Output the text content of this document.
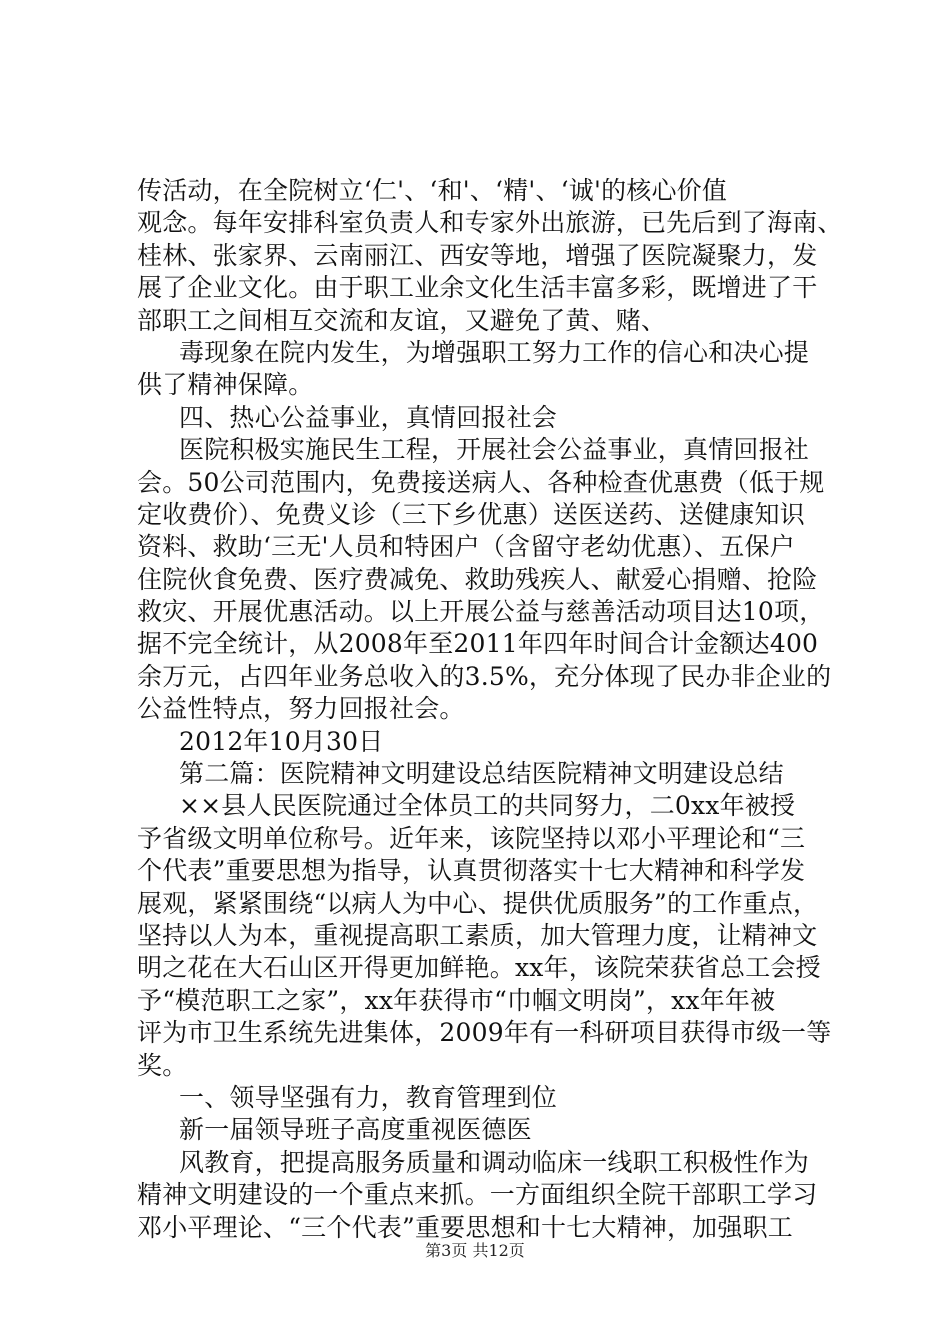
传活动，在全院树立‘仁'、‘和'、‘精'、‘诚'的核心价值
观念。每年安排科室负责人和专家外出旅游，已先后到了海南、
桂林、张家界、云南丽江、西安等地，增强了医院凝聚力，发
展了企业文化。由于职工业余文化生活丰富多彩，既增进了干
部职工之间相互交流和友谊，又避免了黄、赌、
毒现象在院内发生，为增强职工努力工作的信心和决心提
供了精神保障。
四、热心公益事业，真情回报社会
医院积极实施民生工程，开展社会公益事业，真情回报社
会。50公司范围内，免费接送病人、各种检查优惠费（低于规
定收费价）、免费义诊（三下乡优惠）送医送药、送健康知识
资料、救助‘三无'人员和特困户（含留守老幼优惠）、五保户
住院伙食免费、医疗费减免、救助残疾人、献爱心捐赠、抢险
救灾、开展优惠活动。以上开展公益与慈善活动项目达10项，
据不完全统计，从2008年至2011年四年时间合计金额达400
余万元，占四年业务总收入的3.5%，充分体现了民办非企业的
公益性特点，努力回报社会。
2012年10月30日
第二篇：医院精神文明建设总结医院精神文明建设总结
××县人民医院通过全体员工的共同努力，二0xx年被授
予省级文明单位称号。近年来，该院坚持以邓小平理论和“三
个代表”重要思想为指导，认真贯彻落实十七大精神和科学发
展观，紧紧围绕“以病人为中心、提供优质服务”的工作重点，
坚持以人为本，重视提高职工素质，加大管理力度，让精神文
明之花在大石山区开得更加鲜艳。xx年，该院荣获省总工会授
予“模范职工之家”，xx年获得市“巾帼文明岗”，xx年年被
评为市卫生系统先进集体，2009年有一科研项目获得市级一等
奖。
一、领导坚强有力，教育管理到位
新一届领导班子高度重视医德医
风教育，把提高服务质量和调动临床一线职工积极性作为
精神文明建设的一个重点来抓。一方面组织全院干部职工学习
邓小平理论、“三个代表”重要思想和十七大精神，加强职工
第3页 共12页
